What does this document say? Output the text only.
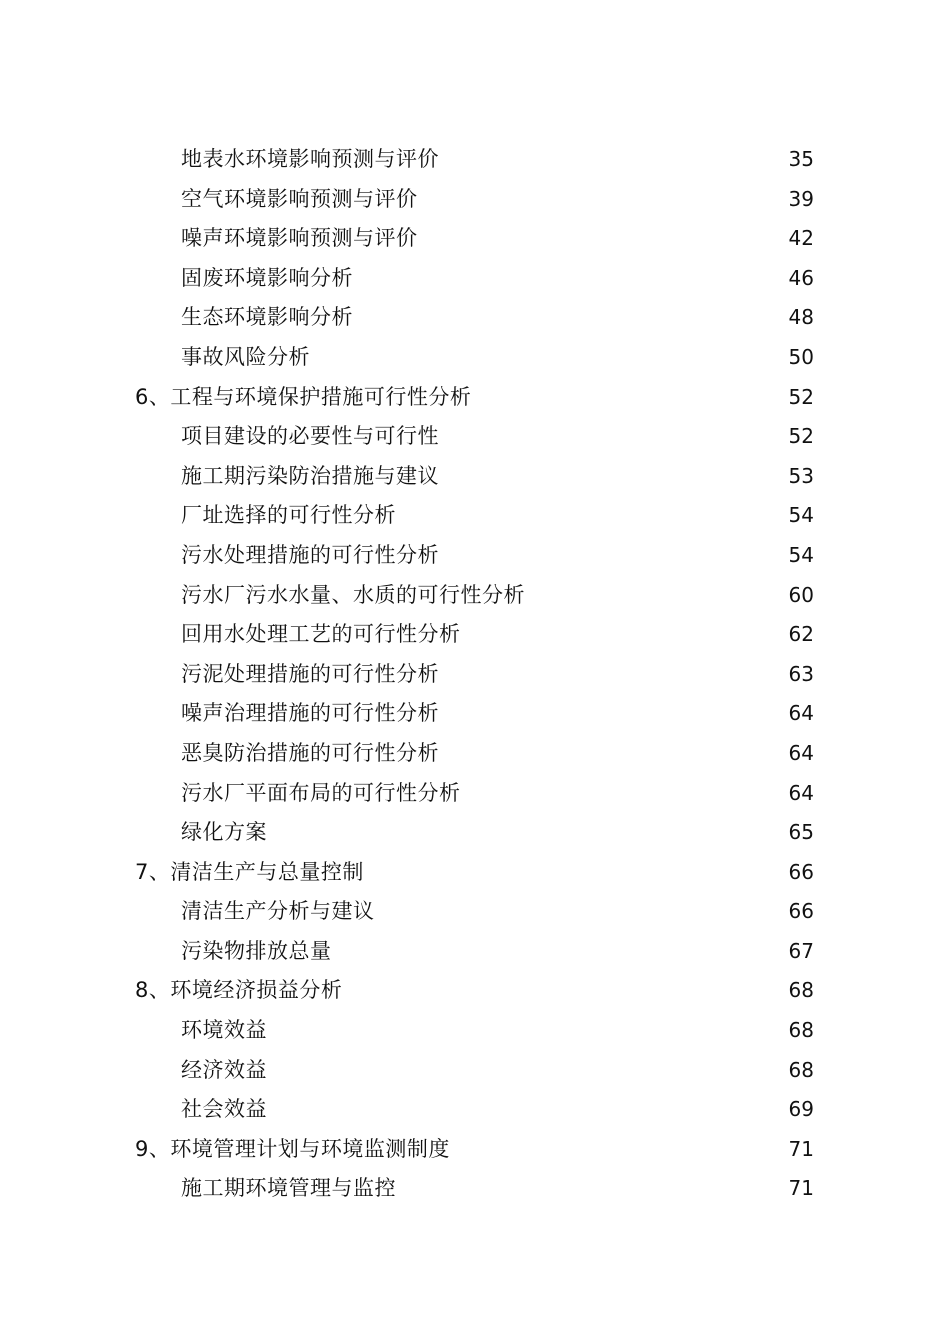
地表水环境影响预测与评价	35
空气环境影响预测与评价	39
噪声环境影响预测与评价	42
固废环境影响分析	46
生态环境影响分析	48
事故风险分析	50
6、工程与环境保护措施可行性分析	52
项目建设的必要性与可行性	52
施工期污染防治措施与建议	53
厂址选择的可行性分析	54
污水处理措施的可行性分析	54
污水厂污水水量、水质的可行性分析	60
回用水处理工艺的可行性分析	62
污泥处理措施的可行性分析	63
噪声治理措施的可行性分析	64
恶臭防治措施的可行性分析	64
污水厂平面布局的可行性分析	64
绿化方案	65
7、清洁生产与总量控制	66
清洁生产分析与建议	66
污染物排放总量	67
8、环境经济损益分析	68
环境效益	68
经济效益	68
社会效益	69
9、环境管理计划与环境监测制度	71
施工期环境管理与监控	71
